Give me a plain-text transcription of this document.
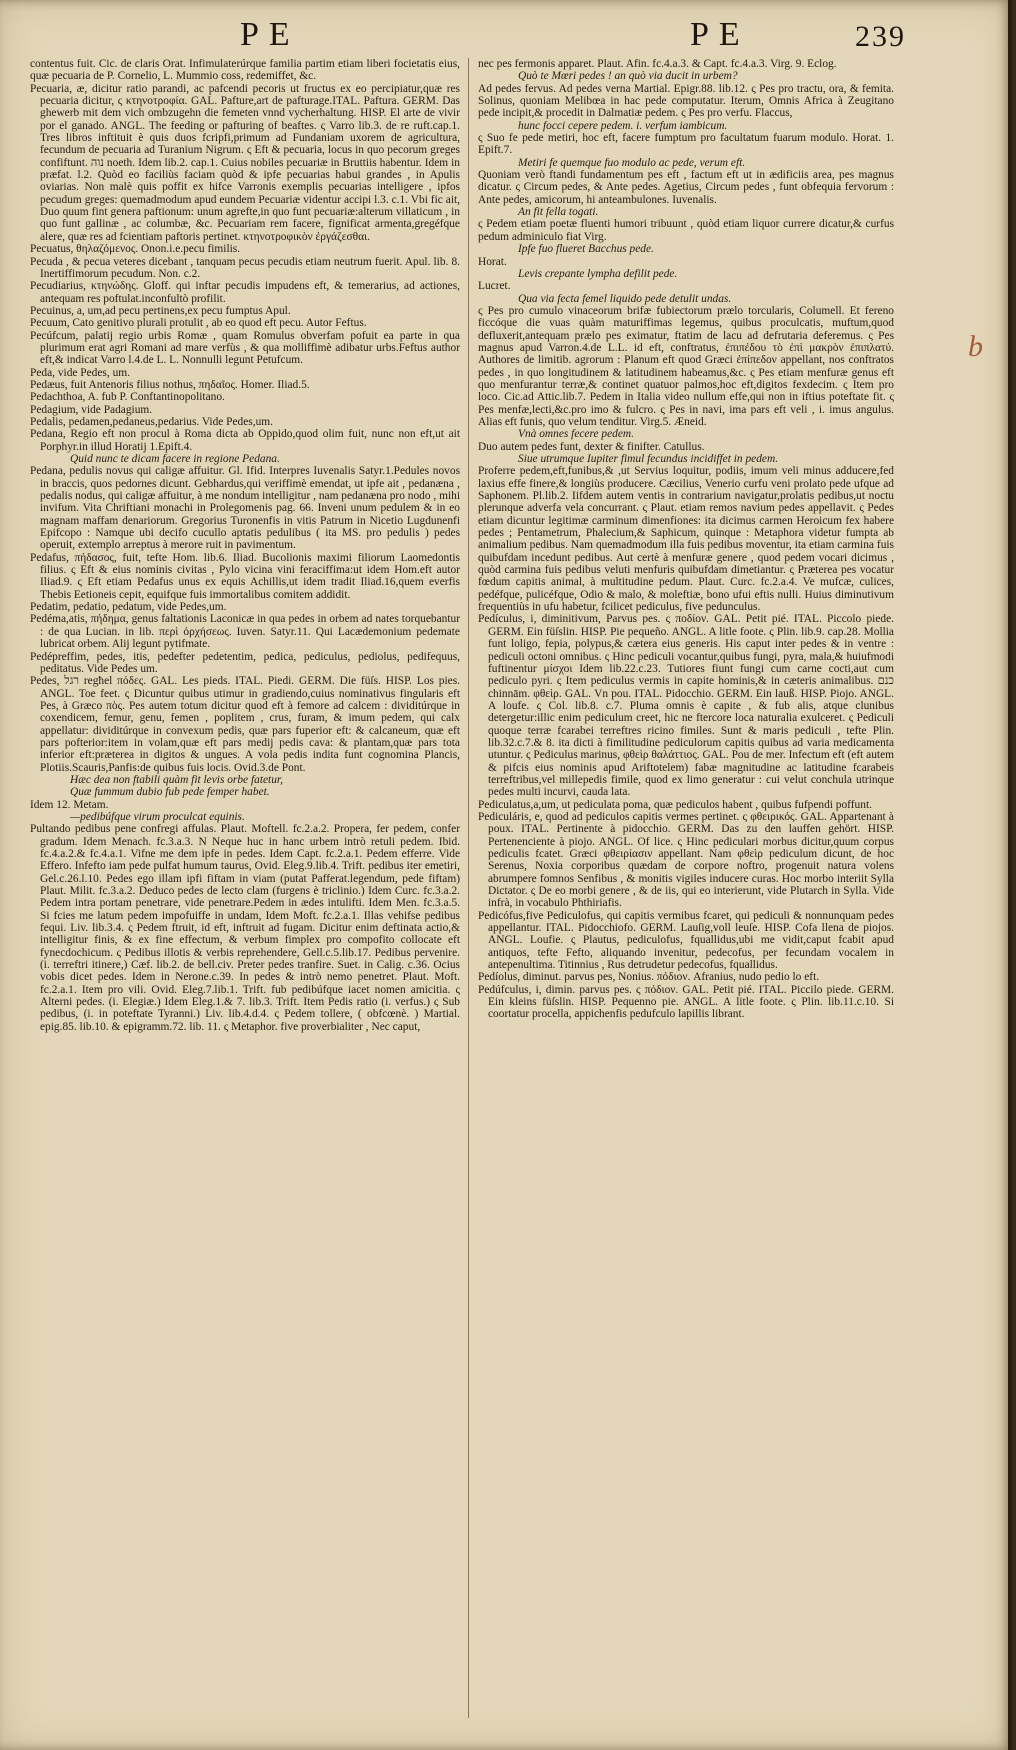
PE	PE	239

contentus fuit. Cic. de claris Orat. Infimulaterúrque familia partim etiam liberi focietatis eius, quæ pecuaria de P. Cornelio, L. Mummio coss, redemiffet, &c.

Pecuaria, æ, dicitur ratio parandi, ac pafcendi pecoris ut fructus ex eo percipiatur,quæ res pecuaria dicitur, ς κτηνοτροφία. GAL. Pafture,art de pafturage.ITAL. Paftura. GERM. Das ghewerb mit dem vich ombzugehn die femeten vnnd vycherhaltung. HISP. El arte de vivir por el ganado. ANGL. The feeding or pafturing of beaftes. ς Varro lib.3. de re ruft.cap.1. Tres libros inftituit è quis duos fcripfi,primum ad Fundaniam uxorem de agricultura, fecundum de pecuaria ad Turanium Nigrum. ς Eft & pecuaria, locus in quo pecorum greges confiftunt. נוה noeth. Idem lib.2. cap.1. Cuius nobiles pecuariæ in Bruttiis habentur. Idem in præfat. l.2. Quòd eo faciliùs faciam quòd & ipfe pecuarias habui grandes , in Apulis oviarias. Non malè quis poffit ex hifce Varronis exemplis pecuarias intelligere , ipfos pecudum greges: quemadmodum apud eundem Pecuariæ videntur accipi l.3. c.1. Vbi fic ait, Duo quum fint genera paftionum: unum agrefte,in quo funt pecuariæ:alterum villaticum , in quo funt gallinæ , ac columbæ, &c. Pecuariam rem facere, fignificat armenta,gregéfque alere, quæ res ad fcientiam paftoris pertinet. κτηνοτροφικὸν ἐργάζεσθαι.

Pecuatus, θηλαζόμενος. Onon.i.e.pecu fimilis.

Pecuda , & pecua veteres dicebant , tanquam pecus pecudis etiam neutrum fuerit. Apul. lib. 8. Inertiffimorum pecudum. Non. c.2.

Pecudiarius, κτηνώδης. Gloff. qui inftar pecudis impudens eft, & temerarius, ad actiones, antequam res poftulat.inconfultò profilit.

Pecuinus, a, um,ad pecu pertinens,ex pecu fumptus Apul.

Pecuum, Cato genitivo plurali protulit , ab eo quod eft pecu. Autor Feftus.

Pecúfcum, palatij regio urbis Romæ , quam Romulus obverfam pofuit ea parte in qua plurimum erat agri Romani ad mare verfùs , & qua molliffimè adibatur urbs.Feftus author eft,& indicat Varro l.4.de L. L. Nonnulli legunt Petufcum.

Peda, vide Pedes, um.

Pedæus, fuit Antenoris filius nothus, πηδαῖος. Homer. Iliad.5.

Pedachthoa, A. fub P. Conftantinopolitano.

Pedagium, vide Padagium.

Pedalis, pedamen,pedaneus,pedarius. Vide Pedes,um.

Pedana, Regio eft non procul à Roma dicta ab Oppido,quod olim fuit, nunc non eft,ut ait Porphyr.in illud Horatij 1.Epift.4.

Quid nunc te dicam facere in regione Pedana.

Pedana, pedulis novus qui caligæ affuitur. Gl. Ifid. Interpres Iuvenalis Satyr.1.Pedules novos in braccis, quos pedornes dicunt. Gebhardus,qui veriffimè emendat, ut ipfe ait , pedanæna , pedalis nodus, qui caligæ affuitur, à me nondum intelligitur , nam pedanæna pro nodo , mihi invifum. Vita Chriftiani monachi in Prolegomenis pag. 66. Inveni unum pedulem & in eo magnam maffam denariorum. Gregorius Turonenfis in vitis Patrum in Nicetio Lugdunenfi Epifcopo : Namque ubi decifo cucullo aptatis pedulibus ( ita MS. pro pedulis ) pedes operuit, extemplo arreptus à merore ruit in pavimentum.

Pedafus, πήδασος, fuit, tefte Hom. lib.6. Iliad. Bucolionis maximi filiorum Laomedontis filius. ς Eft & eius nominis civitas , Pylo vicina vini feraciffima:ut idem Hom.eft autor Iliad.9. ς Eft etiam Pedafus unus ex equis Achillis,ut idem tradit Iliad.16,quem everfis Thebis Eetioneis cepit, equifque fuis immortalibus comitem addidit.

Pedatim, pedatio, pedatum, vide Pedes,um.

Pedéma,atis, πήδημα, genus faltationis Laconicæ in qua pedes in orbem ad nates torquebantur : de qua Lucian. in lib. περὶ ὀρχήσεως. Iuven. Satyr.11. Qui Lacædemonium pedemate lubricat orbem. Alij legunt pytifmate.

Pedépreffim, pedes, itis, pedefter pedetentim, pedica, pediculus, pediolus, pedifequus, peditatus. Vide Pedes um.

Pedes, רגל regħel πόδες. GAL. Les pieds. ITAL. Piedi. GERM. Die füſs. HISP. Los pies. ANGL. Toe feet. ς Dicuntur quibus utimur in gradiendo,cuius nominativus fingularis eft Pes, à Græco πὸς. Pes autem totum dicitur quod eft à femore ad calcem : dividitúrque in coxendicem, femur, genu, femen , poplitem , crus, furam, & imum pedem, qui calx appellatur: dividitúrque in convexum pedis, quæ pars fuperior eft: & calcaneum, quæ eft pars pofterior:item in volam,quæ eft pars medij pedis cava: & plantam,quæ pars tota inferior eft:præterea in digitos & ungues. A vola pedis indita funt cognomina Plancis, Plotiis.Scauris,Panfis:de quibus fuis locis. Ovid.3.de Pont.

Hæc dea non ftabili quàm fit levis orbe fatetur,

Quæ fummum dubio fub pede femper habet.

Idem 12. Metam.

—pedibúfque virum proculcat equinis.

Pultando pedibus pene confregi affulas. Plaut. Moftell. fc.2.a.2. Propera, fer pedem, confer gradum. Idem Menach. fc.3.a.3. N Neque huc in hanc urbem intrò retuli pedem. Ibid. fc.4.a.2.& fc.4.a.1. Vifne me dem ipfe in pedes. Idem Capt. fc.2.a.1. Pedem efferre. Vide Effero. Infefto iam pede pulfat humum taurus, Ovid. Eleg.9.lib.4. Trift. pedibus iter emetiri, Gel.c.26.l.10. Pedes ego illam ipfi fiftam in viam (putat Pafferat.legendum, pede fiftam) Plaut. Milit. fc.3.a.2. Deduco pedes de lecto clam (furgens è triclinio.) Idem Curc. fc.3.a.2. Pedem intra portam penetrare, vide penetrare.Pedem in ædes intulifti. Idem Men. fc.3.a.5. Si fcies me latum pedem impofuiffe in undam, Idem Moft. fc.2.a.1. Illas vehifse pedibus fequi. Liv. lib.3.4. ς Pedem ftruit, id eft, inftruit ad fugam. Dicitur enim deftinata actio,& intelligitur finis, & ex fine effectum, & verbum fimplex pro compofito collocate eft fynecdochicum. ς Pedibus illotis & verbis reprehendere, Gell.c.5.lib.17. Pedibus pervenire. (i. terreftri itinere,) Cæf. lib.2. de bell.civ. Preter pedes tranfire. Suet. in Calig. c.36. Ocius vobis dicet pedes. Idem in Nerone.c.39. In pedes & intrò nemo penetret. Plaut. Moft. fc.2.a.1. Item pro vili. Ovid. Eleg.7.lib.1. Trift. fub pedibúfque iacet nomen amicitia. ς Alterni pedes. (i. Elegiæ.) Idem Eleg.1.& 7. lib.3. Trift. Item Pedis ratio (i. verfus.) ς Sub pedibus, (i. in poteftate Tyranni.) Liv. lib.4.d.4. ς Pedem tollere, ( obfcœnè. ) Martial. epig.85. lib.10. & epigramm.72. lib. 11. ς Metaphor. five proverbialiter , Nec caput,

nec pes fermonis apparet. Plaut. Afin. fc.4.a.3. & Capt. fc.4.a.3. Virg. 9. Eclog.

Quò te Mœri pedes ! an quò via ducit in urbem?

Ad pedes fervus. Ad pedes verna Martial. Epigr.88. lib.12. ς Pes pro tractu, ora, & femita. Solinus, quoniam Melibœa in hac pede computatur. Iterum, Omnis Africa à Zeugitano pede incipit,& procedit in Dalmatiæ pedem. ς Pes pro verfu. Flaccus,

hunc focci cepere pedem. i. verfum iambicum.

ς Suo fe pede metiri, hoc eft, facere fumptum pro facultatum fuarum modulo. Horat. 1. Epift.7.

Metiri fe quemque fuo modulo ac pede, verum eft.

Quoniam verò ftandi fundamentum pes eft , factum eft ut in ædificiis area, pes magnus dicatur. ς Circum pedes, & Ante pedes. Agetius, Circum pedes , funt obfequia fervorum : Ante pedes, amicorum, hi anteambulones. Iuvenalis.

An fit fella togati.

ς Pedem etiam poetæ fluenti humori tribuunt , quòd etiam liquor currere dicatur,& curfus pedum adminiculo fiat Virg.

Ipfe fuo flueret Bacchus pede.

Horat.

Levis crepante lympha defilit pede.

Lucret.

Qua via fecta femel liquido pede detulit undas.

ς Pes pro cumulo vinaceorum brifæ fubiectorum prælo torcularis, Columell. Et fereno ficcóque die vuas quàm maturiffimas legemus, quibus proculcatis, muftum,quod defluxerit,antequam prælo pes eximatur, ftatim de lacu ad defrutaria deferemus. ς Pes magnus apud Varron.4.de L.L. id eft, conftratus, ἐπιπέδου τὸ ἐπὶ μακρὸν ἐπιπλατύ. Authores de limitib. agrorum : Planum eft quod Græci ἐπίπεδον appellant, nos conftratos pedes , in quo longitudinem & latitudinem habeamus,&c. ς Pes etiam menfuræ genus eft quo menfurantur terræ,& continet quatuor palmos,hoc eft,digitos fexdecim. ς Item pro loco. Cic.ad Attic.lib.7. Pedem in Italia video nullum effe,qui non in iftius poteftate fit. ς Pes menfæ,lecti,&c.pro imo & fulcro. ς Pes in navi, ima pars eft veli , i. imus angulus. Alias eft funis, quo velum tenditur. Virg.5. Æneid.

Vnà omnes fecere pedem.

Duo autem pedes funt, dexter & finifter. Catullus.

Siue utrumque Iupiter fimul fecundus incidiffet in pedem.

Proferre pedem,eft,funibus,& ,ut Servius loquitur, podiis, imum veli minus adducere,fed laxius effe finere,& longiùs producere. Cæcilius, Venerio curfu veni prolato pede ufque ad Saphonem. Pl.lib.2. Iifdem autem ventis in contrarium navigatur,prolatis pedibus,ut noctu plerunque adverfa vela concurrant. ς Plaut. etiam remos navium pedes appellavit. ς Pedes etiam dicuntur legitimæ carminum dimenfiones: ita dicimus carmen Heroicum fex habere pedes ; Pentametrum, Phalecium,& Saphicum, quinque : Metaphora videtur fumpta ab animalium pedibus. Nam quemadmodum illa fuis pedibus moventur, ita etiam carmina fuis quibufdam incedunt pedibus. Aut certè à menfuræ genere , quod pedem vocari dicimus , quòd carmina fuis pedibus veluti menfuris quibufdam dimetiantur. ς Præterea pes vocatur fœdum capitis animal, à multitudine pedum. Plaut. Curc. fc.2.a.4. Ve mufcæ, culices, pedéfque, pulicéfque, Odio & malo, & moleftiæ, bono ufui eftis nulli. Huius diminutivum frequentiùs in ufu habetur, fcilicet pediculus, five pedunculus.

Pedículus, i, diminitivum, Parvus pes. ς ποδίον. GAL. Petit pié. ITAL. Piccolo piede. GERM. Ein füſslin. HISP. Pie pequeño. ANGL. A litle foote. ς Plin. lib.9. cap.28. Mollia funt loligo, fepia, polypus,& cætera eius generis. His caput inter pedes & in ventre : pediculi octoni omnibus. ς Hinc pediculi vocantur,quibus fungi, pyra, mala,& huiufmodi fuftinentur μίσχοι Idem lib.22.c.23. Tutiores fiunt fungi cum carne cocti,aut cum pediculo pyri. ς Item pediculus vermis in capite hominis,& in cæteris animalibus. כנם chinnām. φθεὶρ. GAL. Vn pou. ITAL. Pidocchio. GERM. Ein lauß. HISP. Piojo. ANGL. A loufe. ς Col. lib.8. c.7. Pluma omnis è capite , & fub alis, atque clunibus detergetur:illic enim pediculum creet, hic ne ftercore loca naturalia exulceret. ς Pediculi quoque terræ fcarabei terreftres ricino fimiles. Sunt & maris pediculi , tefte Plin. lib.32.c.7.& 8. ita dicti à fimilitudine pediculorum capitis quibus ad varia medicamenta utuntur. ς Pediculus marinus, φθεὶρ θαλάττιος. GAL. Pou de mer. Infectum eft (eft autem & pifcis eius nominis apud Ariftotelem) fabæ magnitudine ac latitudine fcarabeis terreftribus,vel millepedis fimile, quod ex limo generatur : cui velut conchula utrinque pedes multi incurvi, cauda lata.

Pediculatus,a,um, ut pediculata poma, quæ pediculos habent , quibus fufpendi poffunt.

Pediculáris, e, quod ad pediculos capitis vermes pertinet. ς φθειρικός. GAL. Appartenant à poux. ITAL. Pertinente à pidocchio. GERM. Das zu den lauffen gehört. HISP. Pertenenciente à piojo. ANGL. Of lice. ς Hinc pediculari morbus dicitur,quum corpus pediculis fcatet. Græci φθειρίασιν appellant. Nam φθεὶρ pediculum dicunt, de hoc Serenus, Noxia corporibus quædam de corpore noftro, progenuit natura volens abrumpere fomnos Senfibus , & monitis vigiles inducere curas. Hoc morbo interiit Sylla Dictator. ς De eo morbi genere , & de iis, qui eo interierunt, vide Plutarch in Sylla. Vide infrà, in vocabulo Phthiriafis.

Pedicófus,five Pediculofus, qui capitis vermibus fcaret, qui pediculi & nonnunquam pedes appellantur. ITAL. Pidocchiofo. GERM. Lauſig,voll leuſe. HISP. Cofa llena de piojos. ANGL. Loufie. ς Plautus, pediculofus, fquallidus,ubi me vidit,caput fcabit apud antiquos, tefte Fefto, aliquando invenitur, pedecofus, per fecundam vocalem in antepenultima. Titinnius , Rus detrudetur pedecofus, fquallidus.

Pedíolus, diminut. parvus pes, Nonius. πόδιον. Afranius, nudo pedio lo eft.

Pedúfculus, i, dimin. parvus pes. ς πόδιον. GAL. Petit pié. ITAL. Piccilo piede. GERM. Ein kleins füſslin. HISP. Pequenno pie. ANGL. A litle foote. ς Plin. lib.11.c.10. Si coortatur procella, appichenfis pedufculo lapillis librant.

b
